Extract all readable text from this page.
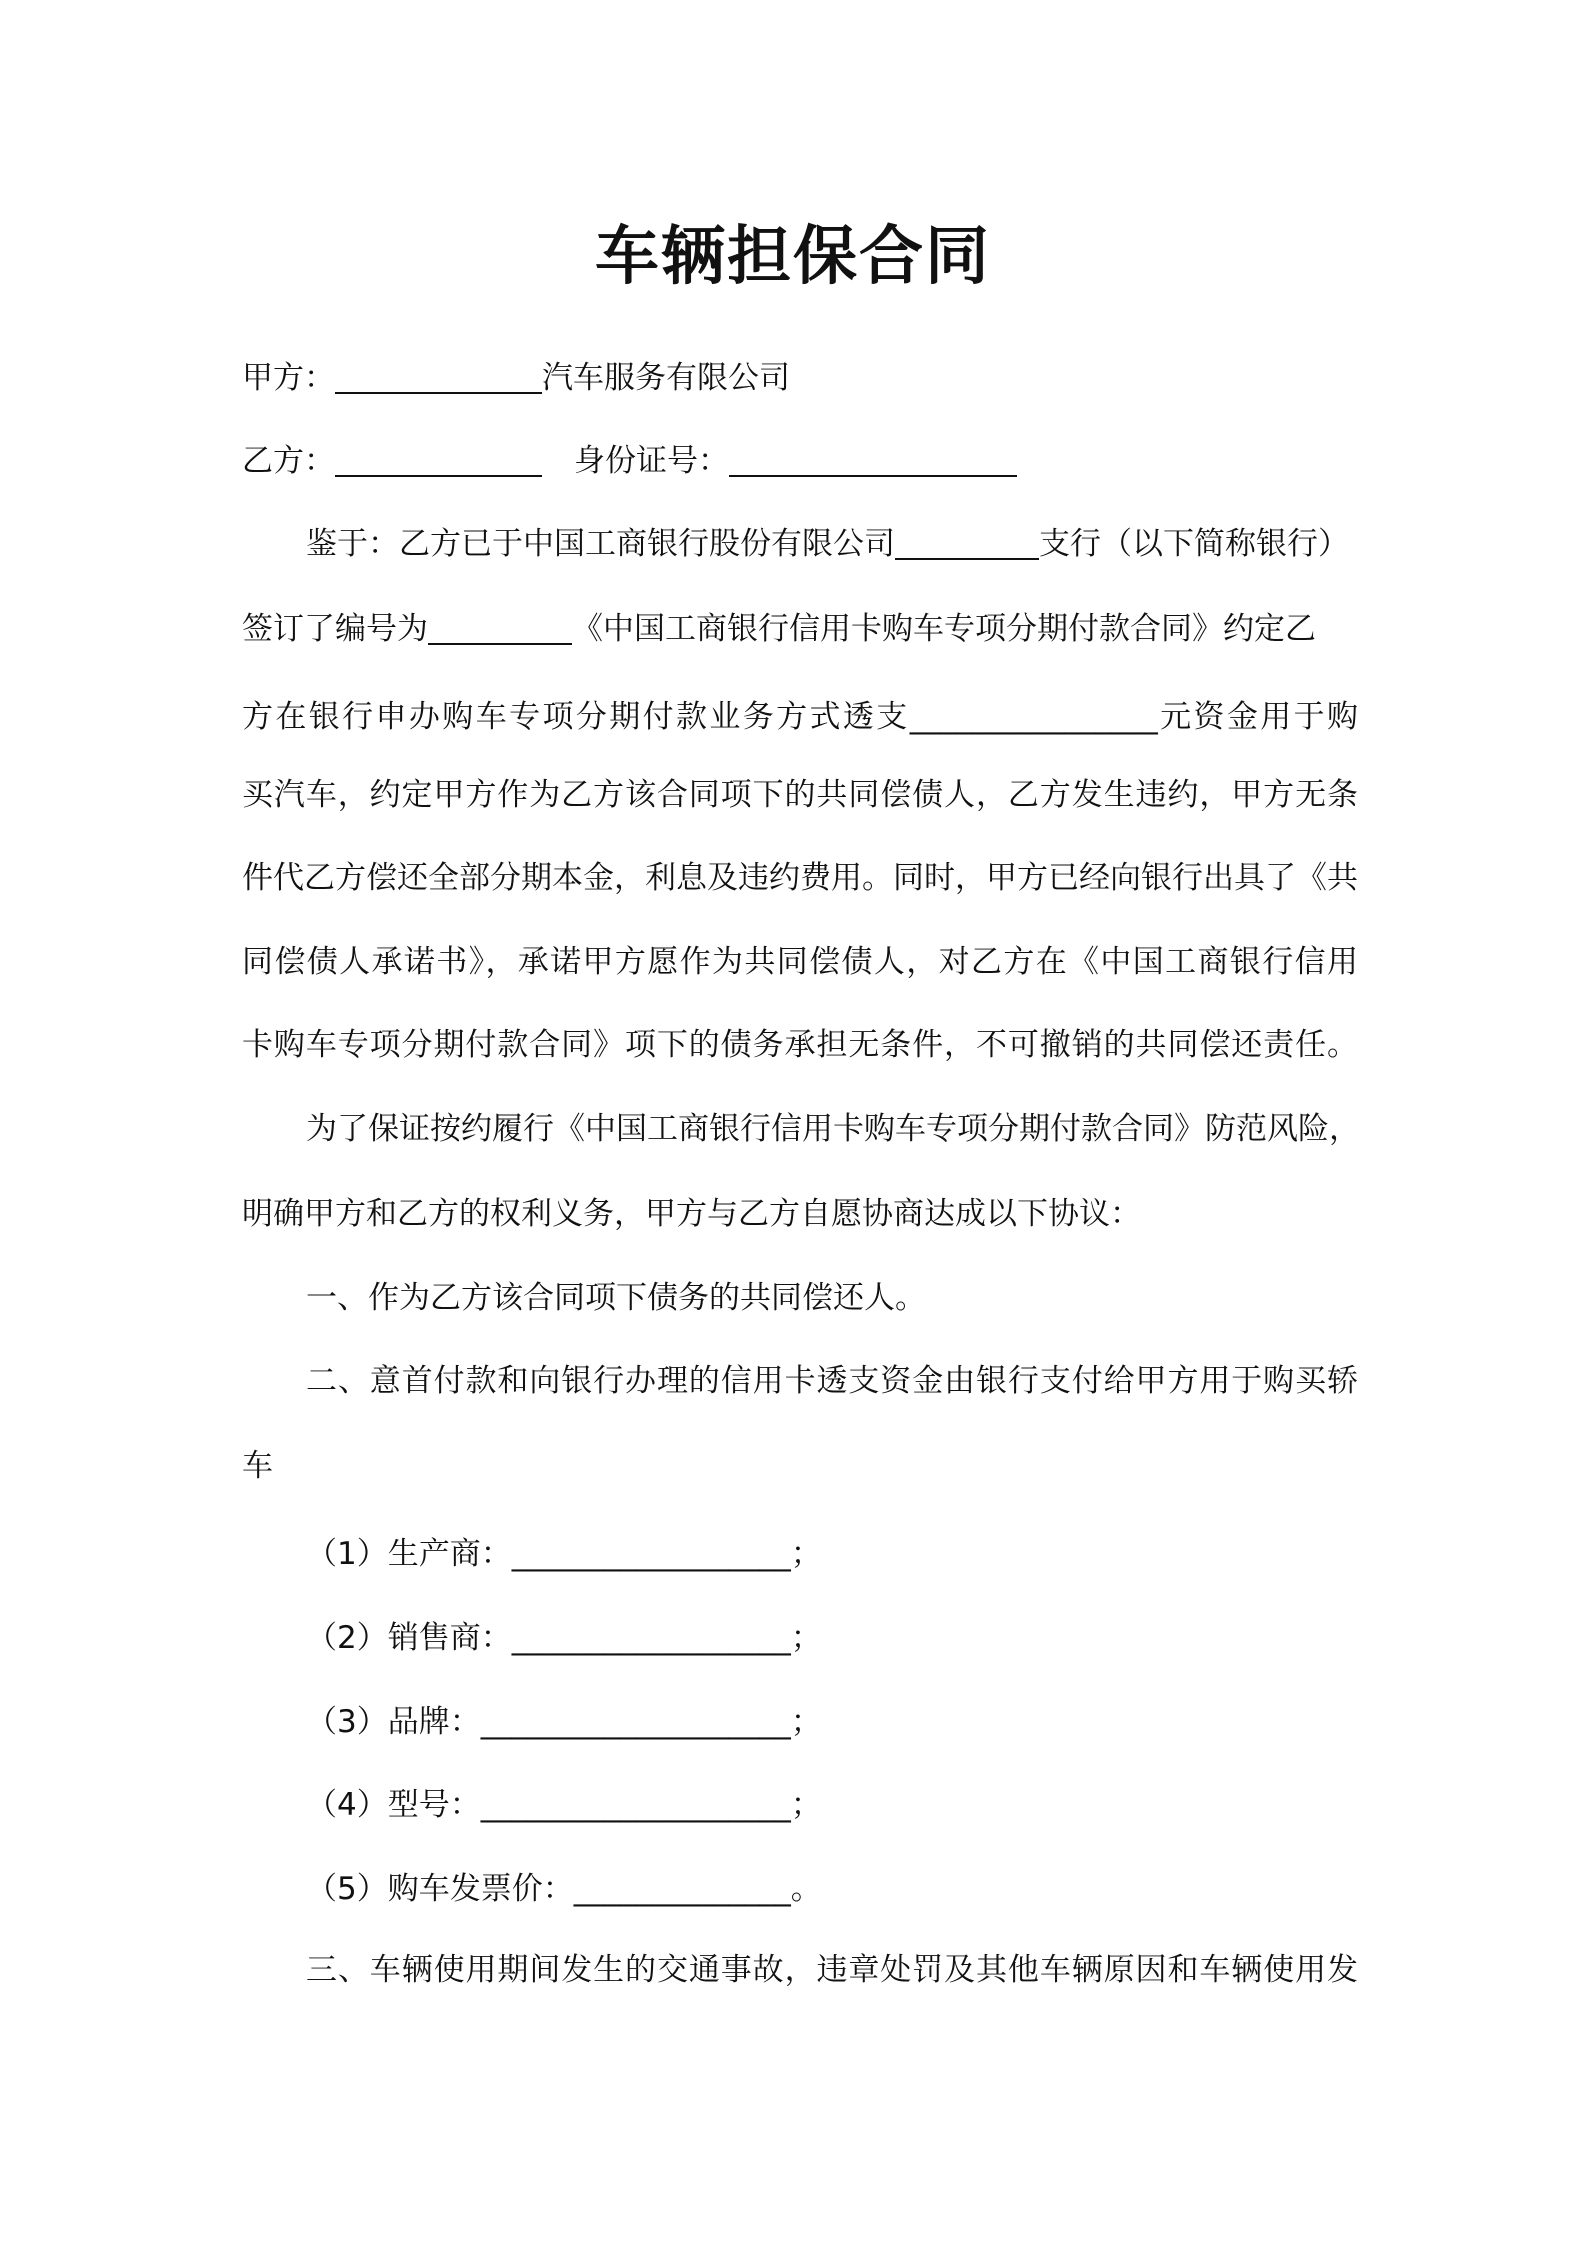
车辆担保合同
甲方：	汽车服务有限公司
乙方：	身份证号：
鉴于：乙方已于中国工商银行股份有限公司	支行（以下简称银行）
签订了编号为	《中国工商银行信用卡购车专项分期付款合同》约定乙
方在银行申办购车专项分期付款业务方式透支________________元资金用于购
买汽车，约定甲方作为乙方该合同项下的共同偿债人，乙方发生违约，甲方无条
件代乙方偿还全部分期本金，利息及违约费用。同时，甲方已经向银行出具了《共
同偿债人承诺书》，承诺甲方愿作为共同偿债人，对乙方在《中国工商银行信用
卡购车专项分期付款合同》项下的债务承担无条件，不可撤销的共同偿还责任。
为了保证按约履行《中国工商银行信用卡购车专项分期付款合同》防范风险，
明确甲方和乙方的权利义务，甲方与乙方自愿协商达成以下协议：
一、作为乙方该合同项下债务的共同偿还人。
二、意首付款和向银行办理的信用卡透支资金由银行支付给甲方用于购买轿
车
（1）生产商：__________________；
（2）销售商：__________________；
（3）品牌：____________________；
（4）型号：____________________；
（5）购车发票价：______________。
三、车辆使用期间发生的交通事故，违章处罚及其他车辆原因和车辆使用发
